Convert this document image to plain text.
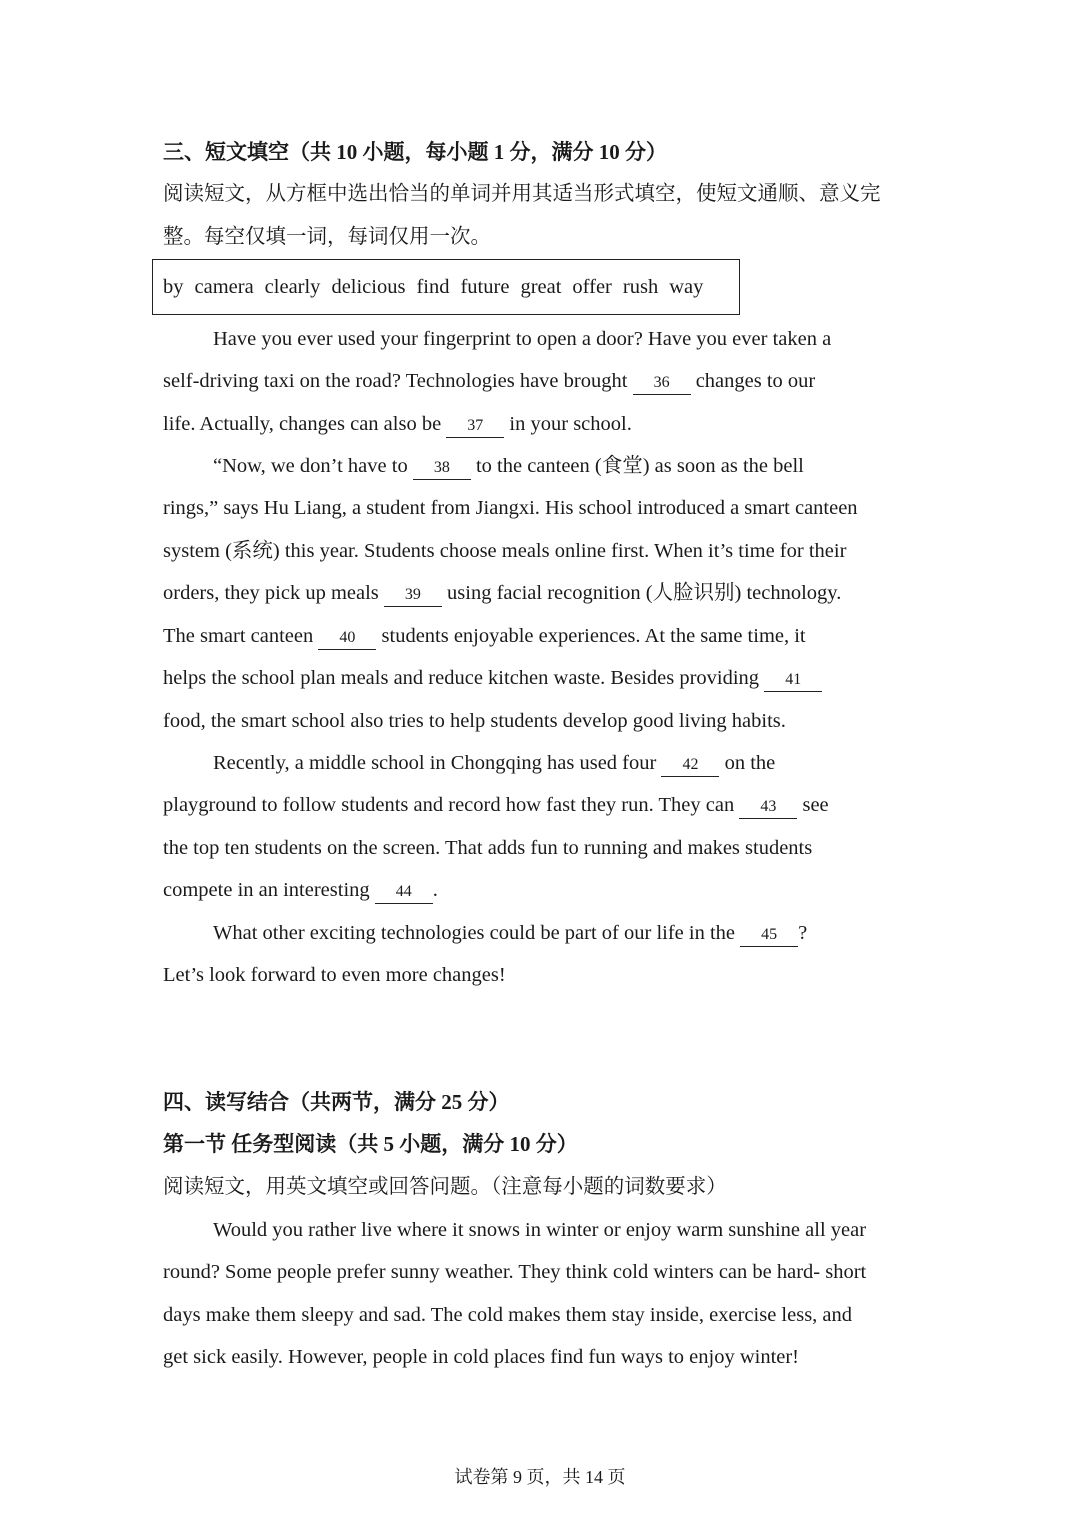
三、短文填空（共 10 小题，每小题 1 分，满分 10 分）
阅读短文，从方框中选出恰当的单词并用其适当形式填空，使短文通顺、意义完
整。每空仅填一词，每词仅用一次。
by camera clearly delicious find future great offer rush way
Have you ever used your fingerprint to open a door? Have you ever taken a
self-driving taxi on the road? Technologies have brought 36 changes to our
life. Actually, changes can also be 37 in your school.
“Now, we don’t have to 38 to the canteen (食堂) as soon as the bell
rings,” says Hu Liang, a student from Jiangxi. His school introduced a smart canteen
system (系统) this year. Students choose meals online first. When it’s time for their
orders, they pick up meals 39 using facial recognition (人脸识别) technology.
The smart canteen 40 students enjoyable experiences. At the same time, it
helps the school plan meals and reduce kitchen waste. Besides providing 41
food, the smart school also tries to help students develop good living habits.
Recently, a middle school in Chongqing has used four 42 on the
playground to follow students and record how fast they run. They can 43 see
the top ten students on the screen. That adds fun to running and makes students
compete in an interesting 44 .
What other exciting technologies could be part of our life in the 45 ?
Let’s look forward to even more changes!
四、读写结合（共两节，满分 25 分）
第一节 任务型阅读（共 5 小题，满分 10 分）
阅读短文，用英文填空或回答问题。（注意每小题的词数要求）
Would you rather live where it snows in winter or enjoy warm sunshine all year
round? Some people prefer sunny weather. They think cold winters can be hard- short
days make them sleepy and sad. The cold makes them stay inside, exercise less, and
get sick easily. However, people in cold places find fun ways to enjoy winter!
试卷第 9 页，共 14 页
